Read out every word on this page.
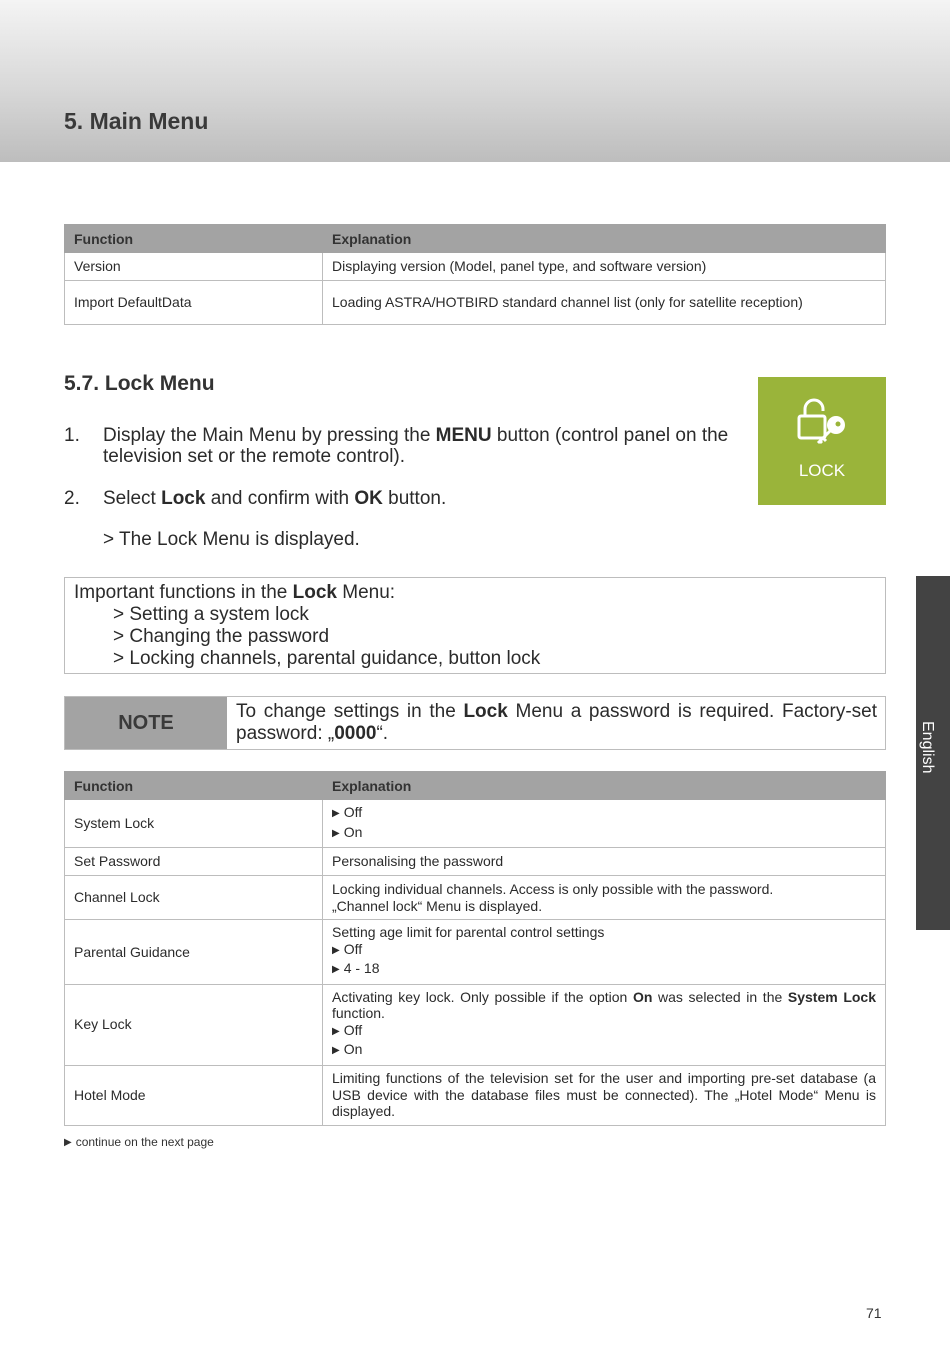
5. Main Menu
Function	Explanation
Version	Displaying version (Model, panel type, and software version)
Import DefaultData	Loading ASTRA/HOTBIRD standard channel list (only for satellite reception)
5.7. Lock Menu
1. Display the Main Menu by pressing the MENU button (control panel on the television set or the remote control).
2. Select Lock and confirm with OK button.
> The Lock Menu is displayed.
LOCK
Important functions in the Lock Menu:
> Setting a system lock
> Changing the password
> Locking channels, parental guidance, button lock
NOTE
To change settings in the Lock Menu a password is required. Factory-set password: „0000“.
Function	Explanation
System Lock	▶ Off
▶ On

Set Password	Personalising the password
Channel Lock	Locking individual channels. Access is only possible with the password.
„Channel lock“ Menu is displayed.

Parental Guidance	Setting age limit for parental control settings
▶ Off
▶ 4 - 18

Key Lock	Activating key lock. Only possible if the option On was selected in the System Lock function.
▶ Off
▶ On

Hotel Mode	Limiting functions of the television set for the user and importing pre-set database (a USB device with the database files must be connected). The „Hotel Mode“ Menu is displayed.
▶ continue on the next page
71
English
